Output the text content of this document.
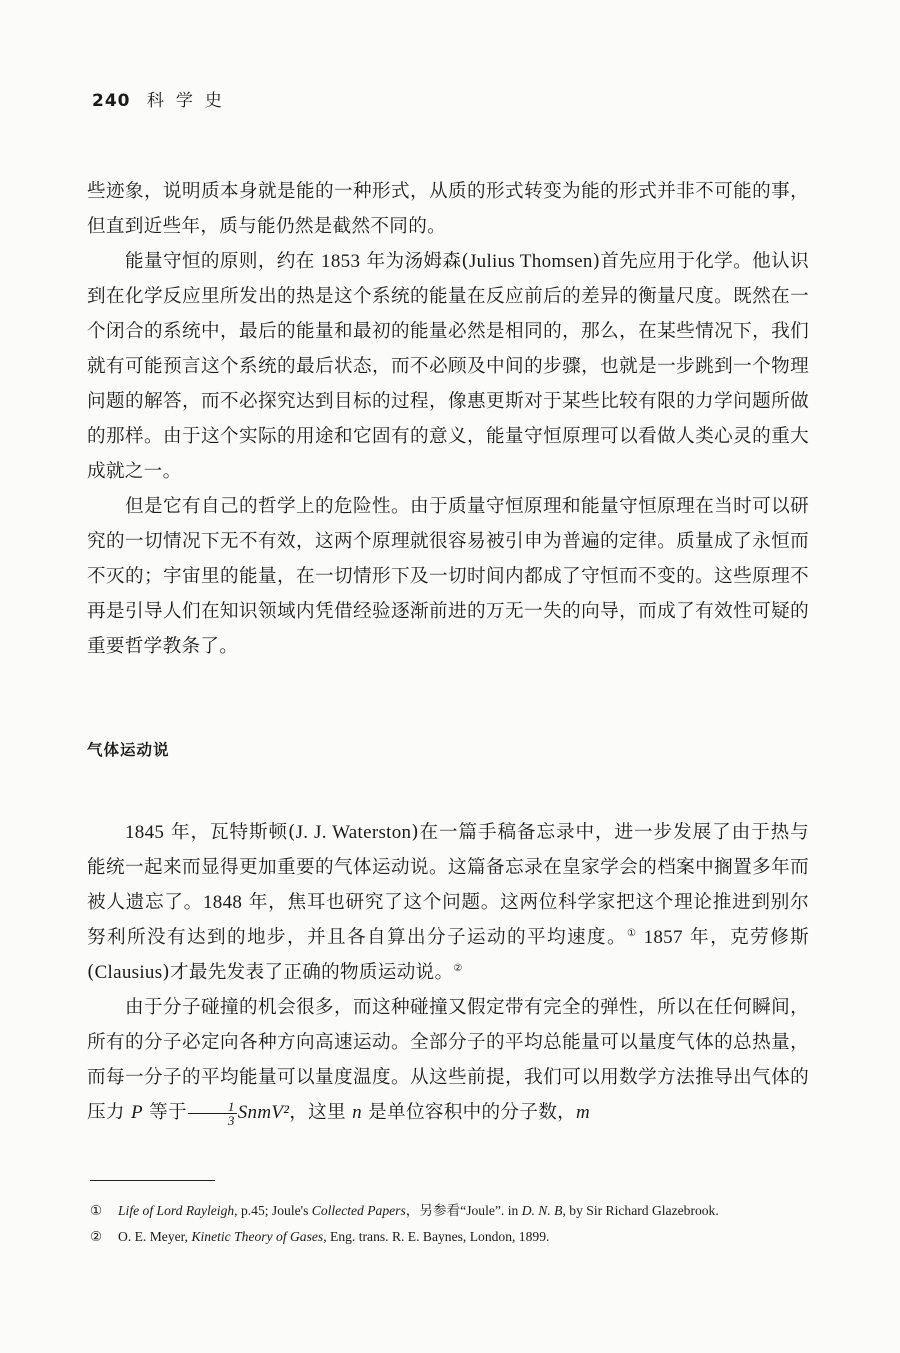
240 科学史

些迹象，说明质本身就是能的一种形式，从质的形式转变为能的形式并非不可能的事，但直到近些年，质与能仍然是截然不同的。

能量守恒的原则，约在 1853 年为汤姆森(Julius Thomsen)首先应用于化学。他认识到在化学反应里所发出的热是这个系统的能量在反应前后的差异的衡量尺度。既然在一个闭合的系统中，最后的能量和最初的能量必然是相同的，那么，在某些情况下，我们就有可能预言这个系统的最后状态，而不必顾及中间的步骤，也就是一步跳到一个物理问题的解答，而不必探究达到目标的过程，像惠更斯对于某些比较有限的力学问题所做的那样。由于这个实际的用途和它固有的意义，能量守恒原理可以看做人类心灵的重大成就之一。

但是它有自己的哲学上的危险性。由于质量守恒原理和能量守恒原理在当时可以研究的一切情况下无不有效，这两个原理就很容易被引申为普遍的定律。质量成了永恒而不灭的；宇宙里的能量，在一切情形下及一切时间内都成了守恒而不变的。这些原理不再是引导人们在知识领域内凭借经验逐渐前进的万无一失的向导，而成了有效性可疑的重要哲学教条了。

气体运动说

1845 年，瓦特斯顿(J. J. Waterston)在一篇手稿备忘录中，进一步发展了由于热与能统一起来而显得更加重要的气体运动说。这篇备忘录在皇家学会的档案中搁置多年而被人遗忘了。1848 年，焦耳也研究了这个问题。这两位科学家把这个理论推进到别尔努利所没有达到的地步，并且各自算出分子运动的平均速度。① 1857 年，克劳修斯(Clausius)才最先发表了正确的物质运动说。②

由于分子碰撞的机会很多，而这种碰撞又假定带有完全的弹性，所以在任何瞬间，所有的分子必定向各种方向高速运动。全部分子的平均总能量可以量度气体的总热量，而每一分子的平均能量可以量度温度。从这些前提，我们可以用数学方法推导出气体的压力 P 等于 $\frac{1}{3}$ SnmV²，这里 n 是单位容积中的分子数，m

① Life of Lord Rayleigh, p.45; Joule's Collected Papers，另参看“Joule”. in D. N. B, by Sir Richard Glazebrook.

② O. E. Meyer, Kinetic Theory of Gases, Eng. trans. R. E. Baynes, London, 1899.
